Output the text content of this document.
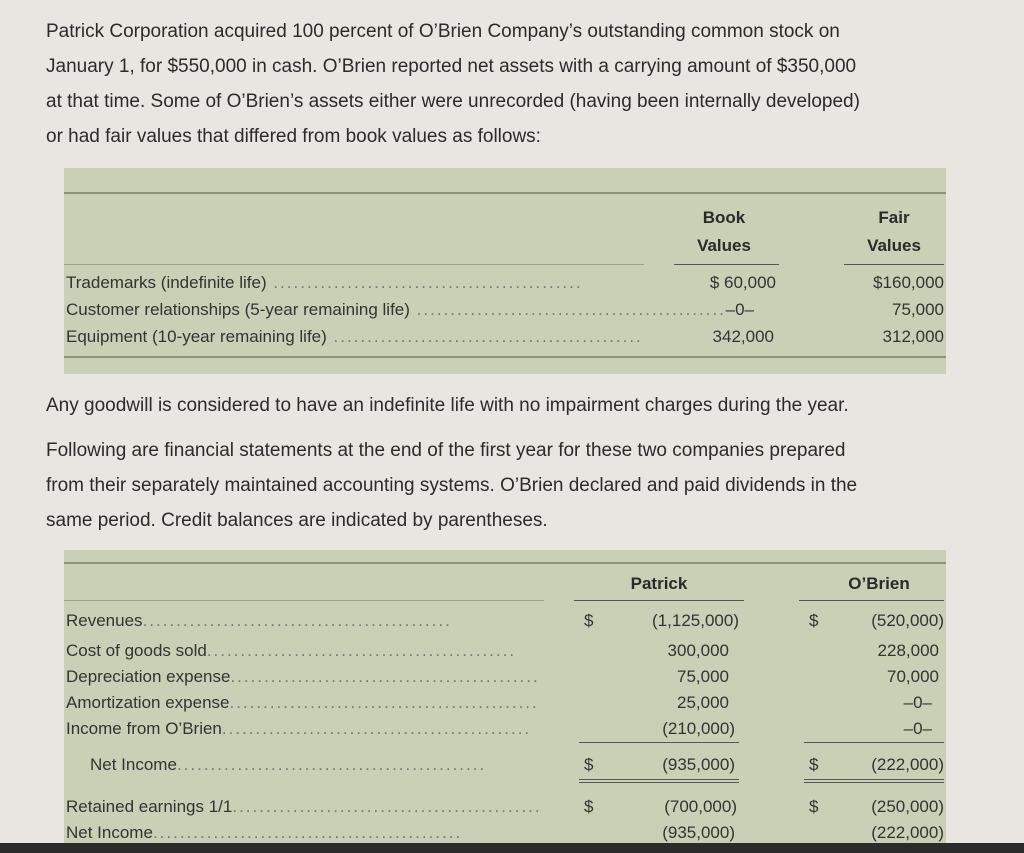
Patrick Corporation acquired 100 percent of O’Brien Company’s outstanding common stock on
January 1, for $550,000 in cash. O’Brien reported net assets with a carrying amount of $350,000
at that time. Some of O’Brien’s assets either were unrecorded (having been internally developed)
or had fair values that differed from book values as follows:

Book
Values
Fair
Values
Trademarks (indefinite life) ..............................................	$ 60,000	$160,000
Customer relationships (5-year remaining life) .............................................. –0–	75,000
Equipment (10-year remaining life) ..............................................	342,000	312,000

Any goodwill is considered to have an indefinite life with no impairment charges during the year.

Following are financial statements at the end of the first year for these two companies prepared
from their separately maintained accounting systems. O’Brien declared and paid dividends in the
same period. Credit balances are indicated by parentheses.

Patrick	O’Brien
Revenues..............................................	$	(1,125,000)	$	(520,000)
Cost of goods sold..............................................	300,000	228,000
Depreciation expense..............................................	75,000	70,000
Amortization expense..............................................	25,000	–0–
Income from O’Brien..............................................	(210,000)	–0–
Net Income..............................................	$	(935,000)	$	(222,000)
Retained earnings 1/1.............................................. $	(700,000)	$	(250,000)
Net Income..............................................	(935,000)	(222,000)
